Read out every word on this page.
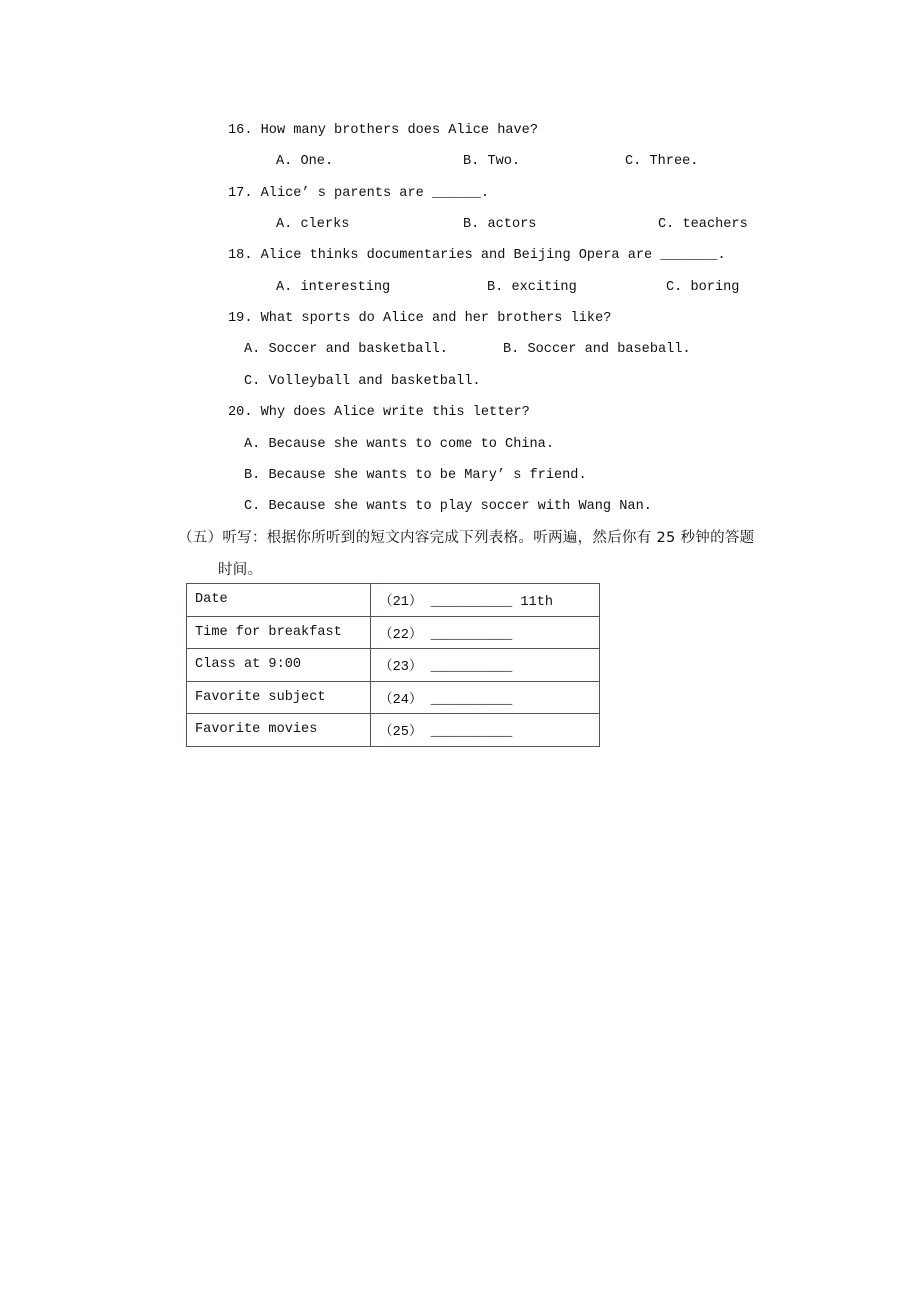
16. How many brothers does Alice have?
A. One.	B. Two.	C. Three.
17. Alice’ s parents are ______.
A. clerks	B. actors	C. teachers
18. Alice thinks documentaries and Beijing Opera are _______.
A. interesting	B. exciting	C. boring
19. What sports do Alice and her brothers like?
A. Soccer and basketball.	B. Soccer and baseball.
C. Volleyball and basketball.
20. Why does Alice write this letter?
A. Because she wants to come to China.
B. Because she wants to be Mary’ s friend.
C. Because she wants to play soccer with Wang Nan.
（五）听写：根据你所听到的短文内容完成下列表格。听两遍，然后你有 25 秒钟的答题
时间。
Date	（21） __________ 11th
Time for breakfast	（22） __________
Class at 9:00	（23） __________
Favorite subject	（24） __________
Favorite movies	（25） __________
